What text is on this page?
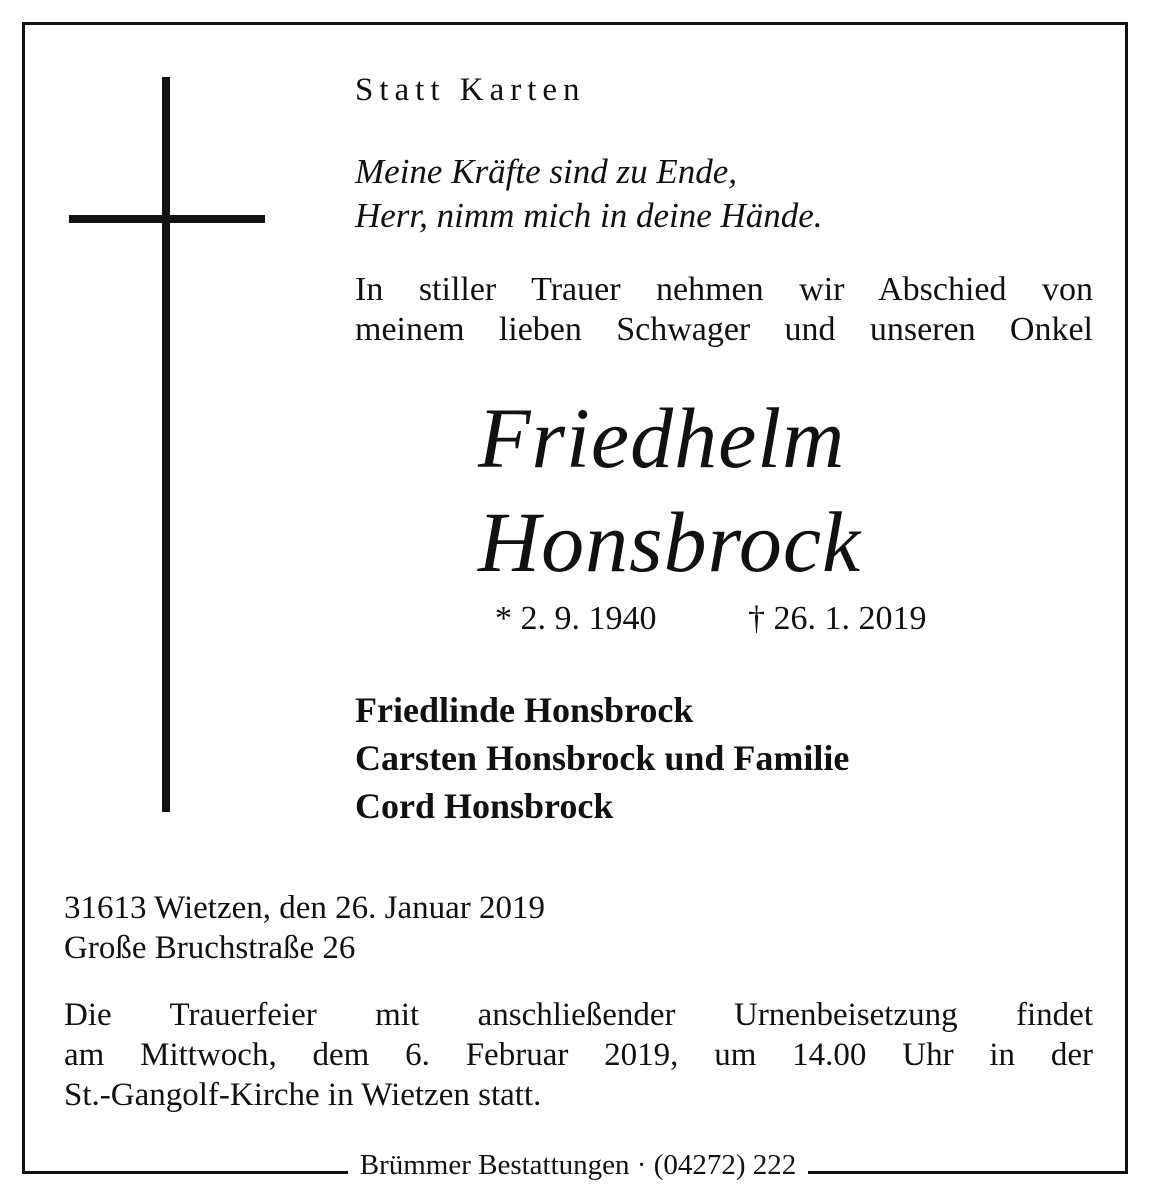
Statt Karten
Meine Kräfte sind zu Ende,
Herr, nimm mich in deine Hände.
In stiller Trauer nehmen wir Abschied von
meinem lieben Schwager und unseren Onkel
Friedhelm
Honsbrock
* 2. 9. 1940	† 26. 1. 2019
Friedlinde Honsbrock
Carsten Honsbrock und Familie
Cord Honsbrock
31613 Wietzen, den 26. Januar 2019
Große Bruchstraße 26
Die Trauerfeier mit anschließender Urnenbeisetzung findet
am Mittwoch, dem 6. Februar 2019, um 14.00 Uhr in der
St.-Gangolf-Kirche in Wietzen statt.
Brümmer Bestattungen · (04272) 222
